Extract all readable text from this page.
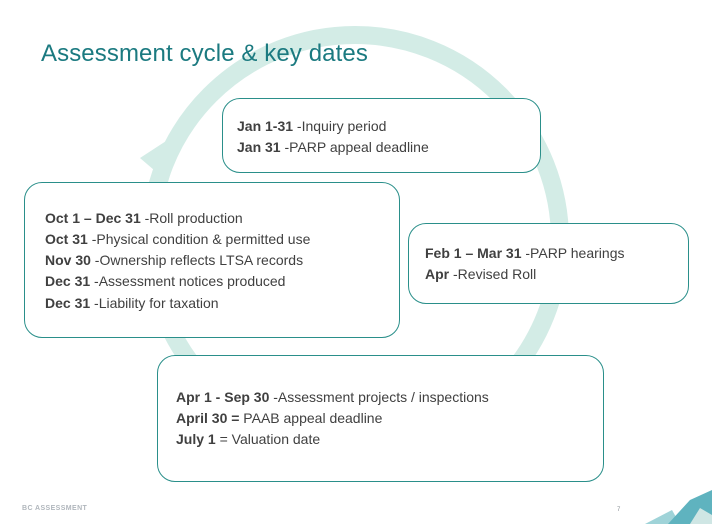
Assessment cycle & key dates
Jan 1-31 -Inquiry period
Jan 31 -PARP appeal deadline
Oct 1 – Dec 31 -Roll production
Oct 31 -Physical condition & permitted use
Nov 30 -Ownership reflects LTSA records
Dec 31 -Assessment notices produced
Dec 31 -Liability for taxation
Feb 1 – Mar 31 -PARP hearings
Apr -Revised Roll
Apr 1 - Sep 30 -Assessment projects / inspections
April 30 = PAAB appeal deadline
July 1 = Valuation date
BC ASSESSMENT	7
